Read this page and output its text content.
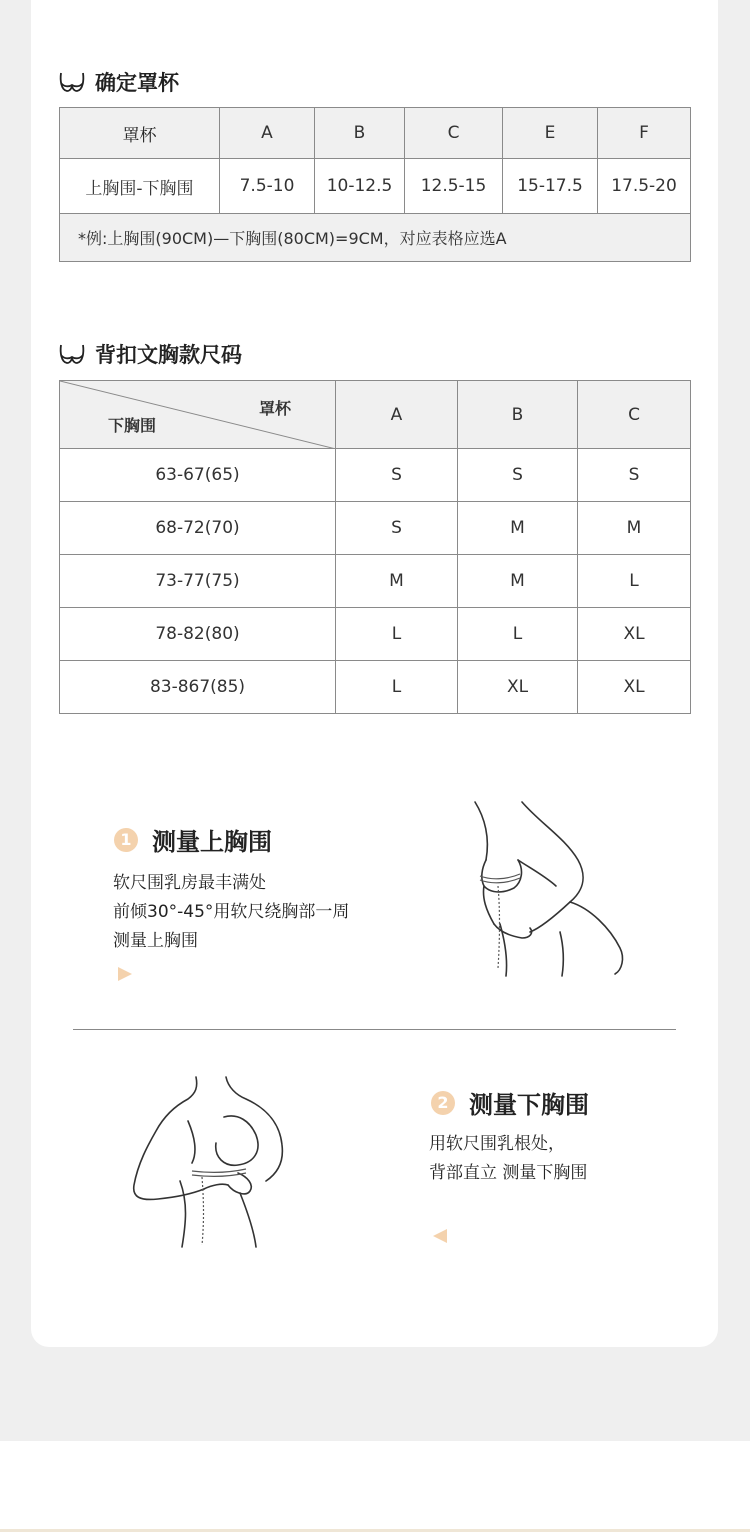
确定罩杯
罩杯	A	B	C	E	F
上胸围-下胸围	7.5-10	10-12.5	12.5-15	15-17.5	17.5-20
*例:上胸围(90CM)—下胸围(80CM)=9CM，对应表格应选A					
背扣文胸款尺码
罩杯
下胸围	A	B	C
63-67(65)	S	S	S
68-72(70)	S	M	M
73-77(75)	M	M	L
78-82(80)	L	L	XL
83-867(85)	L	XL	XL
1 测量上胸围
软尺围乳房最丰满处
前倾30°-45°用软尺绕胸部一周
测量上胸围
2 测量下胸围
用软尺围乳根处，
背部直立 测量下胸围
